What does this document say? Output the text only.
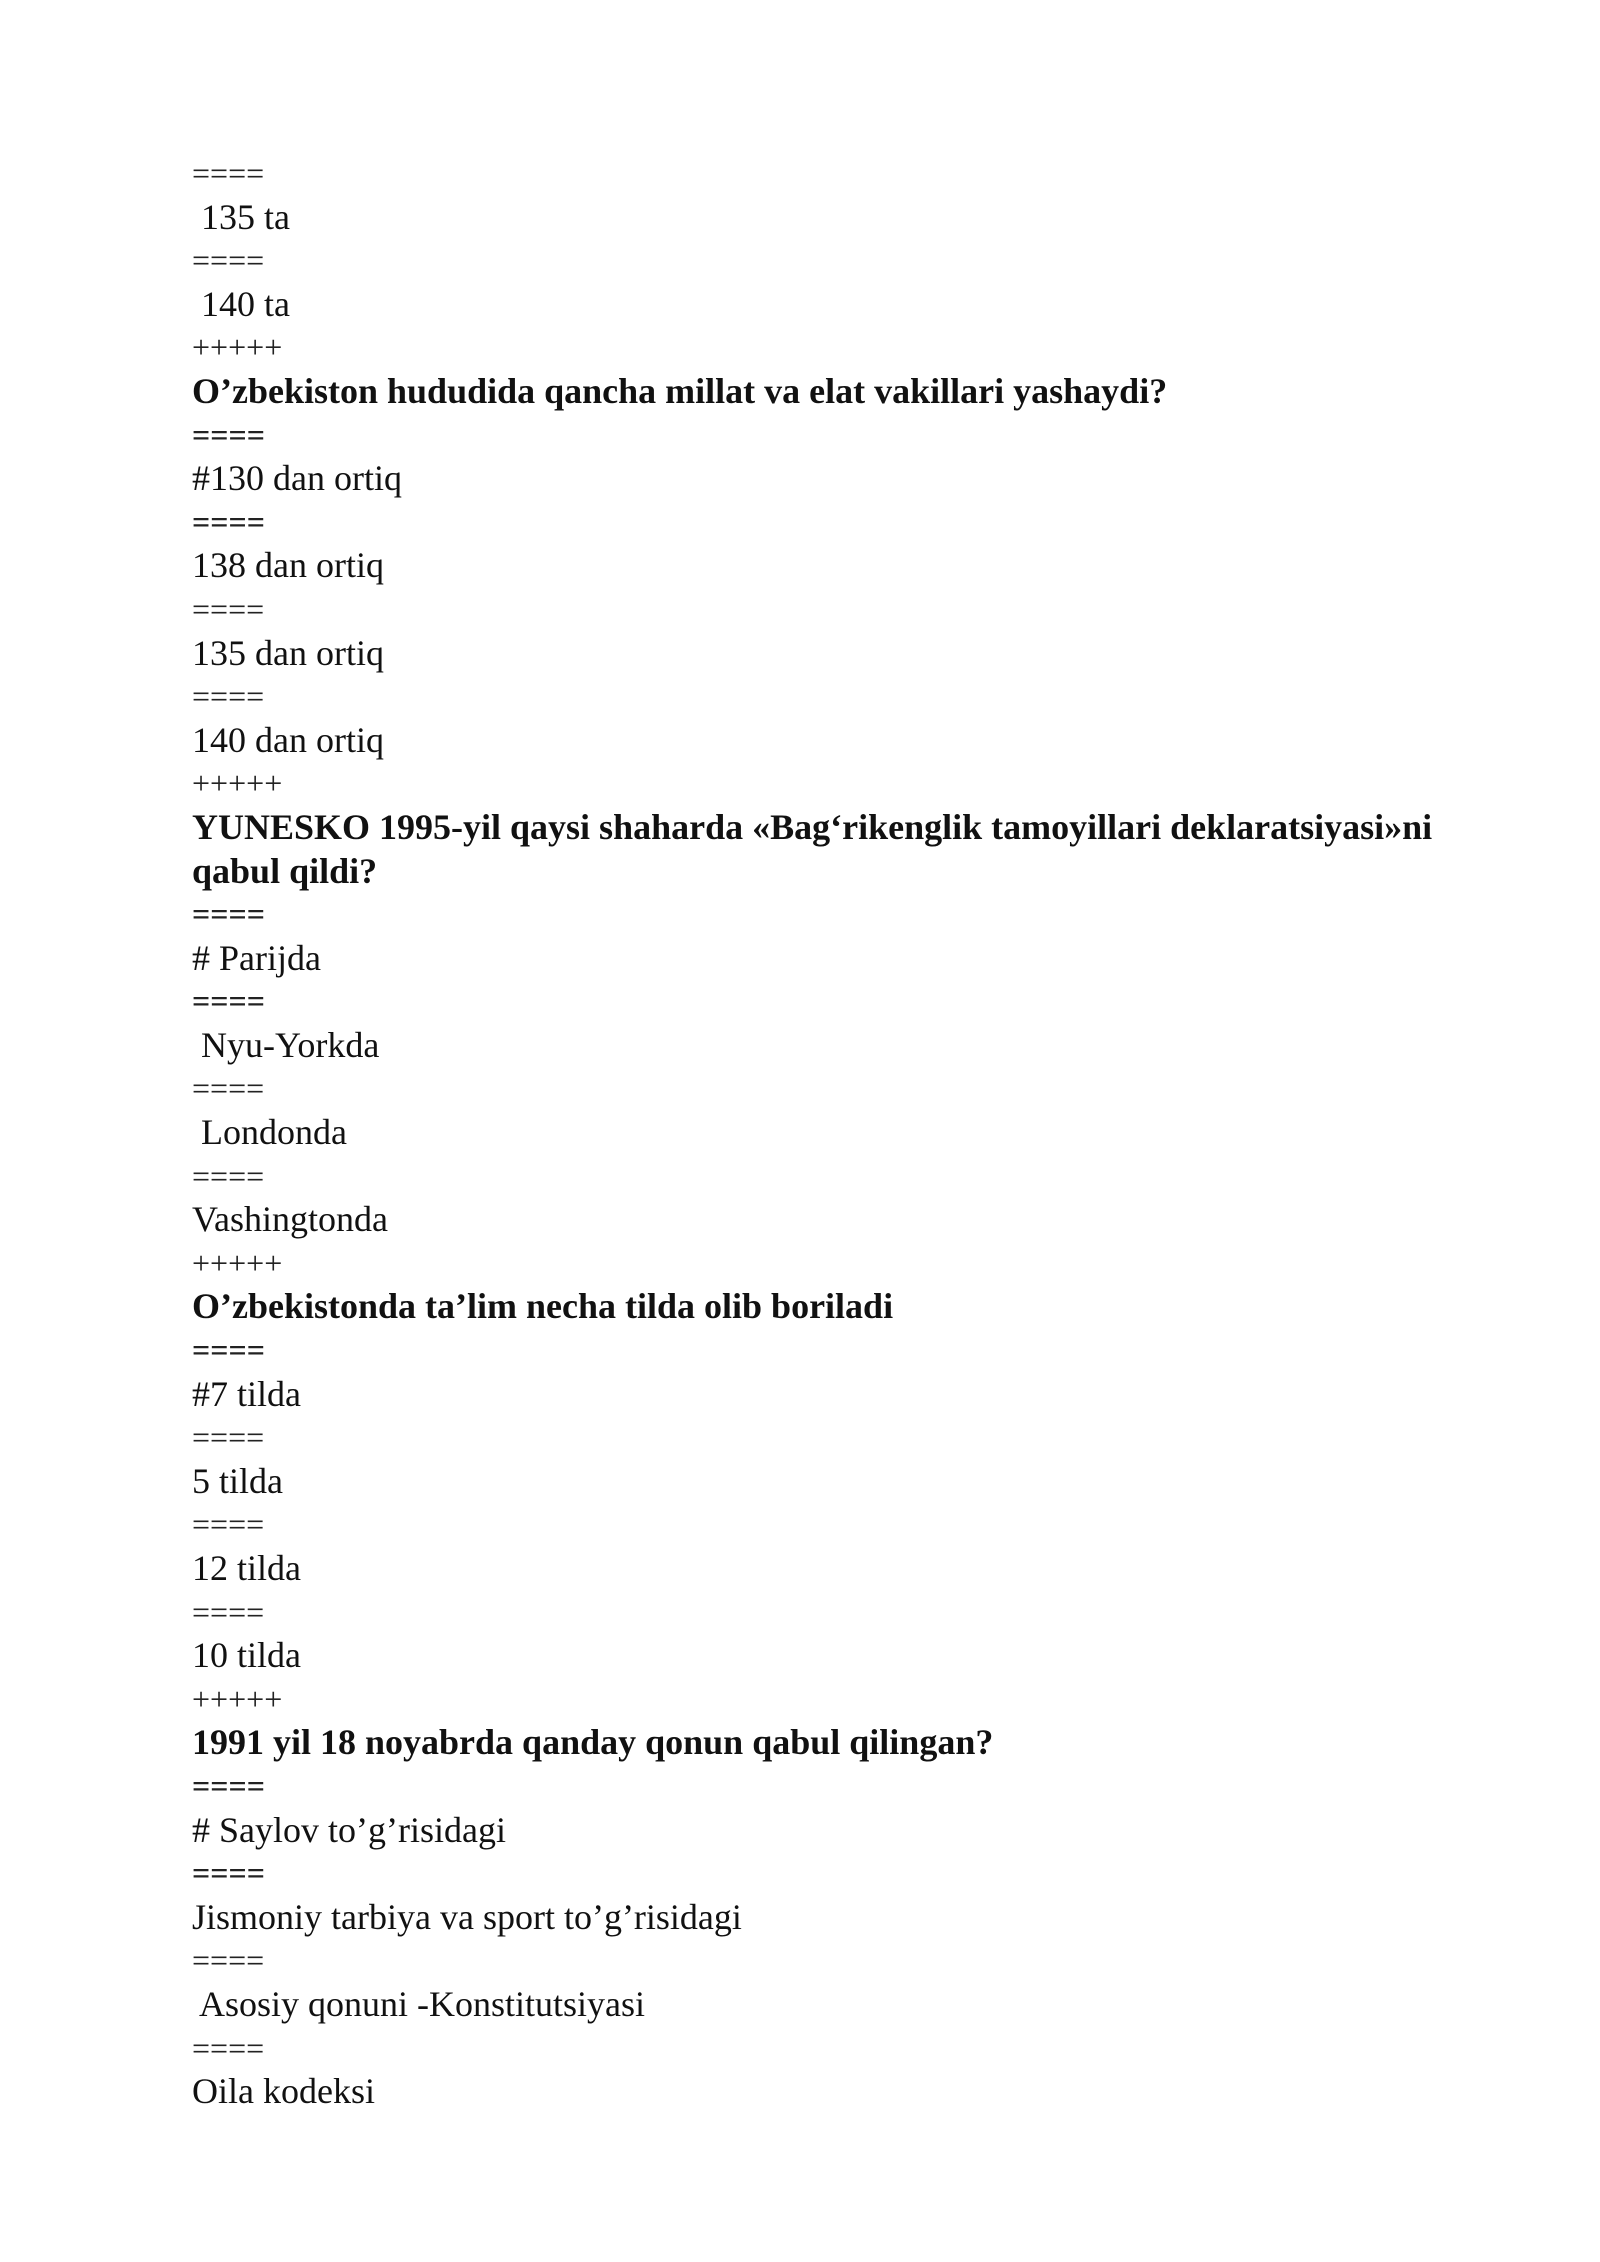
====
135 ta
====
140 ta
+++++
O’zbekiston hududida qancha millat va elat vakillari yashaydi?
====
#130 dan ortiq
====
138 dan ortiq
====
135 dan ortiq
====
140 dan ortiq
+++++
YUNESKO 1995-yil qaysi shaharda «Bag‘rikenglik tamoyillari deklaratsiyasi»ni qabul qildi?
====
# Parijda
====
Nyu-Yorkda
====
Londonda
====
Vashingtonda
+++++
O’zbekistonda ta’lim necha tilda olib boriladi
====
#7 tilda
====
5 tilda
====
12 tilda
====
10 tilda
+++++
1991 yil 18 noyabrda qanday qonun qabul qilingan?
====
# Saylov to’g’risidagi
====
Jismoniy tarbiya va sport to’g’risidagi
====
Asosiy qonuni -Konstitutsiyasi
====
Oila kodeksi
